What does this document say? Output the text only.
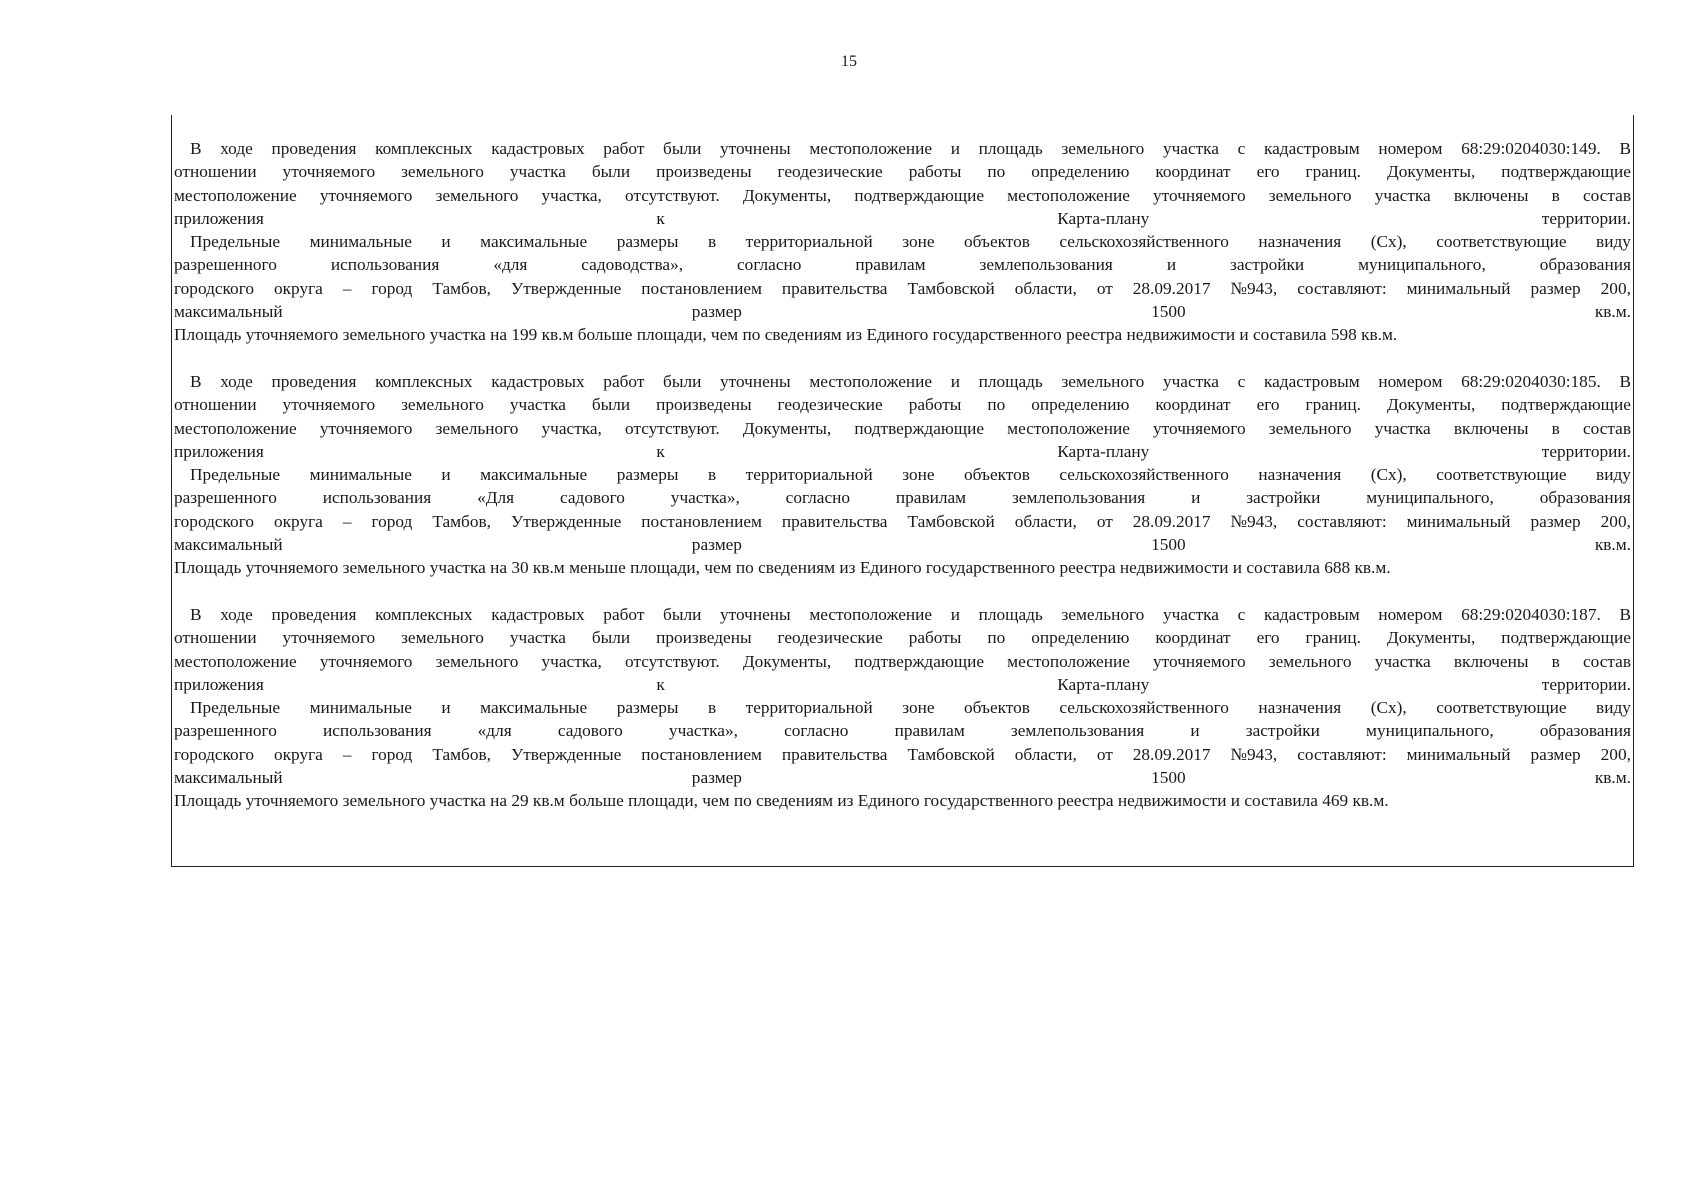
15
В ходе проведения комплексных кадастровых работ были уточнены местоположение и площадь земельного участка с кадастровым номером 68:29:0204030:149. В
отношении уточняемого земельного участка были произведены геодезические работы по определению координат его границ. Документы, подтверждающие
местоположение уточняемого земельного участка, отсутствуют. Документы, подтверждающие местоположение уточняемого земельного участка включены в состав
приложения	к	Карта-плану	территории.
Предельные минимальные и максимальные размеры в территориальной зоне объектов сельскохозяйственного назначения (Сх), соответствующие виду
разрешенного	использования	«для	садоводства»,	согласно	правилам	землепользования	и	застройки	муниципального,	образования
городского округа – город Тамбов, Утвержденные постановлением правительства Тамбовской области, от 28.09.2017 №943, составляют: минимальный размер 200,
максимальный	размер	1500	кв.м.
Площадь уточняемого земельного участка на 199 кв.м больше площади, чем по сведениям из Единого государственного реестра недвижимости и составила 598 кв.м.
В ходе проведения комплексных кадастровых работ были уточнены местоположение и площадь земельного участка с кадастровым номером 68:29:0204030:185. В
отношении уточняемого земельного участка были произведены геодезические работы по определению координат его границ. Документы, подтверждающие
местоположение уточняемого земельного участка, отсутствуют. Документы, подтверждающие местоположение уточняемого земельного участка включены в состав
приложения	к	Карта-плану	территории.
Предельные минимальные и максимальные размеры в территориальной зоне объектов сельскохозяйственного назначения (Сх), соответствующие виду
разрешенного	использования	«Для	садового	участка»,	согласно	правилам	землепользования	и	застройки	муниципального,	образования
городского округа – город Тамбов, Утвержденные постановлением правительства Тамбовской области, от 28.09.2017 №943, составляют: минимальный размер 200,
максимальный	размер	1500	кв.м.
Площадь уточняемого земельного участка на 30 кв.м меньше площади, чем по сведениям из Единого государственного реестра недвижимости и составила 688 кв.м.
В ходе проведения комплексных кадастровых работ были уточнены местоположение и площадь земельного участка с кадастровым номером 68:29:0204030:187. В
отношении уточняемого земельного участка были произведены геодезические работы по определению координат его границ. Документы, подтверждающие
местоположение уточняемого земельного участка, отсутствуют. Документы, подтверждающие местоположение уточняемого земельного участка включены в состав
приложения	к	Карта-плану	территории.
Предельные минимальные и максимальные размеры в территориальной зоне объектов сельскохозяйственного назначения (Сх), соответствующие виду
разрешенного	использования	«для	садового	участка»,	согласно	правилам	землепользования	и	застройки	муниципального,	образования
городского округа – город Тамбов, Утвержденные постановлением правительства Тамбовской области, от 28.09.2017 №943, составляют: минимальный размер 200,
максимальный	размер	1500	кв.м.
Площадь уточняемого земельного участка на 29 кв.м больше площади, чем по сведениям из Единого государственного реестра недвижимости и составила 469 кв.м.
